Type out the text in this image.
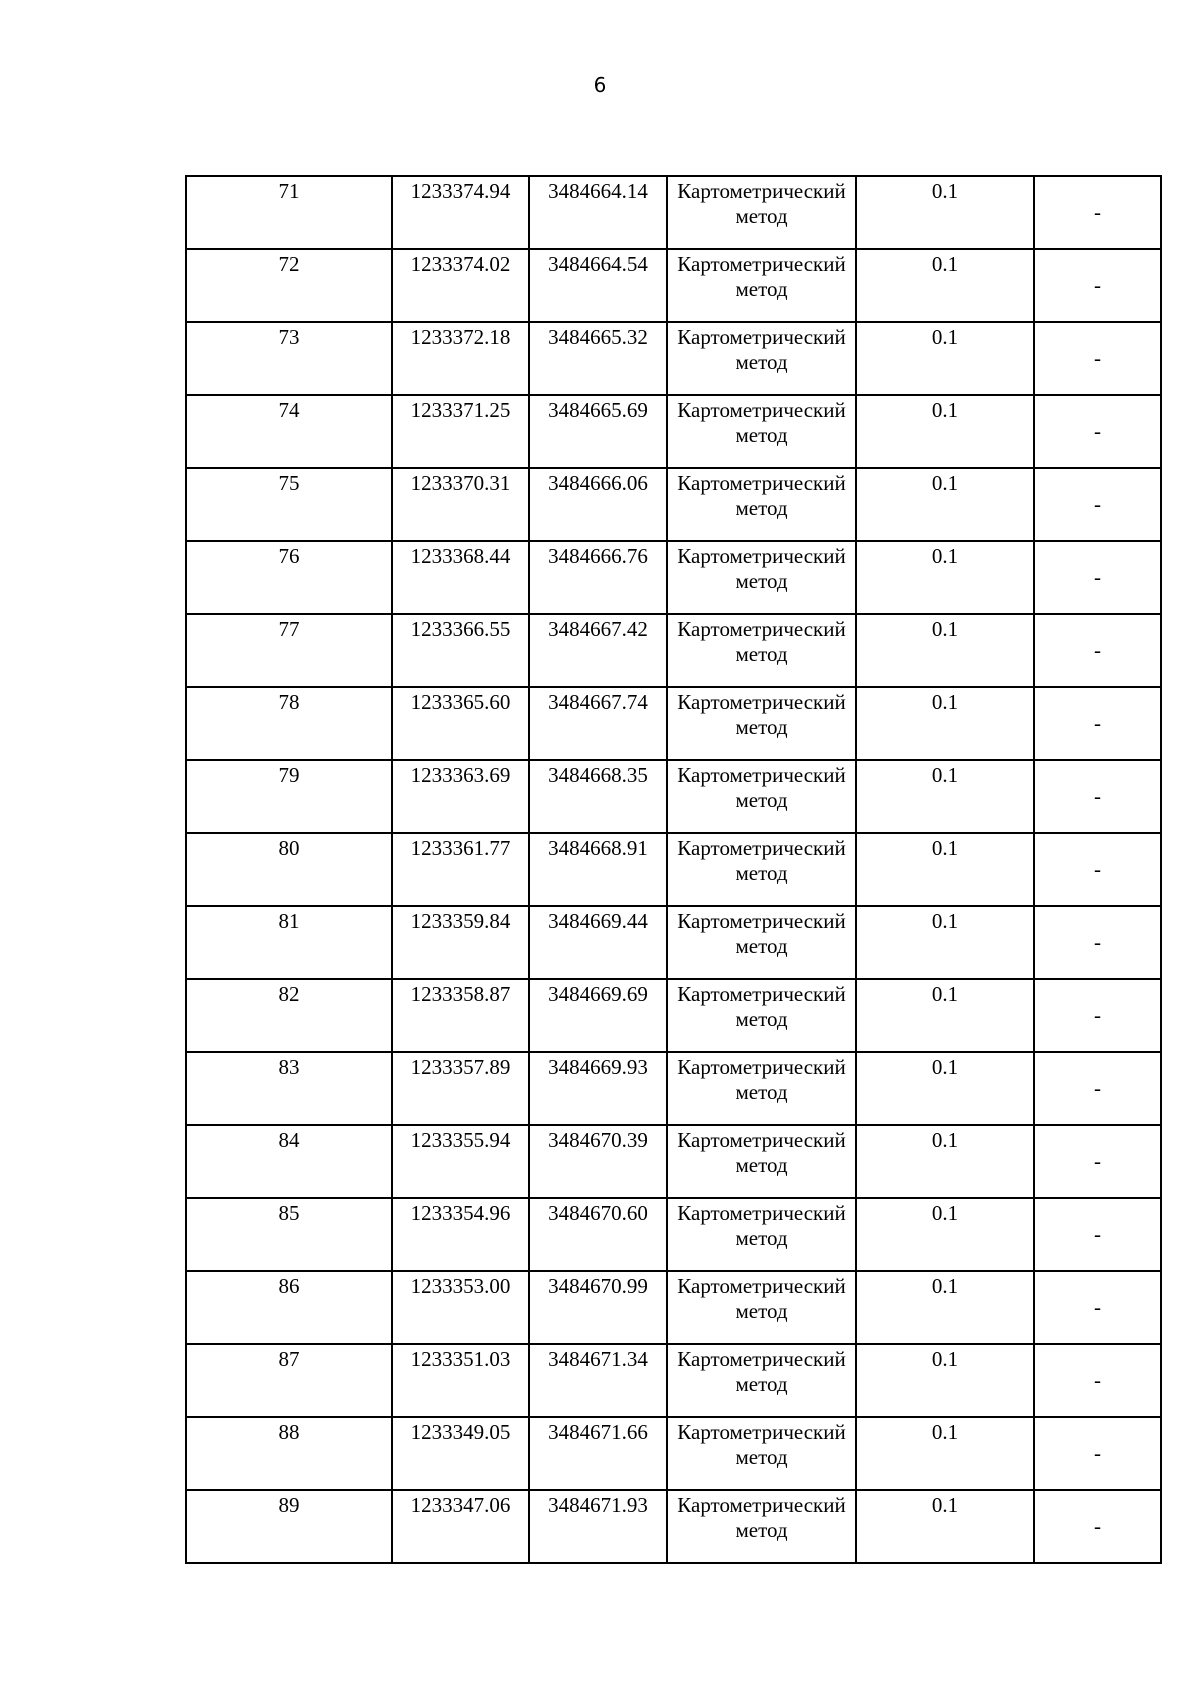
6
71	1233374.94	3484664.14	Картометрический метод	0.1	-
72	1233374.02	3484664.54	Картометрический метод	0.1	-
73	1233372.18	3484665.32	Картометрический метод	0.1	-
74	1233371.25	3484665.69	Картометрический метод	0.1	-
75	1233370.31	3484666.06	Картометрический метод	0.1	-
76	1233368.44	3484666.76	Картометрический метод	0.1	-
77	1233366.55	3484667.42	Картометрический метод	0.1	-
78	1233365.60	3484667.74	Картометрический метод	0.1	-
79	1233363.69	3484668.35	Картометрический метод	0.1	-
80	1233361.77	3484668.91	Картометрический метод	0.1	-
81	1233359.84	3484669.44	Картометрический метод	0.1	-
82	1233358.87	3484669.69	Картометрический метод	0.1	-
83	1233357.89	3484669.93	Картометрический метод	0.1	-
84	1233355.94	3484670.39	Картометрический метод	0.1	-
85	1233354.96	3484670.60	Картометрический метод	0.1	-
86	1233353.00	3484670.99	Картометрический метод	0.1	-
87	1233351.03	3484671.34	Картометрический метод	0.1	-
88	1233349.05	3484671.66	Картометрический метод	0.1	-
89	1233347.06	3484671.93	Картометрический метод	0.1	-
